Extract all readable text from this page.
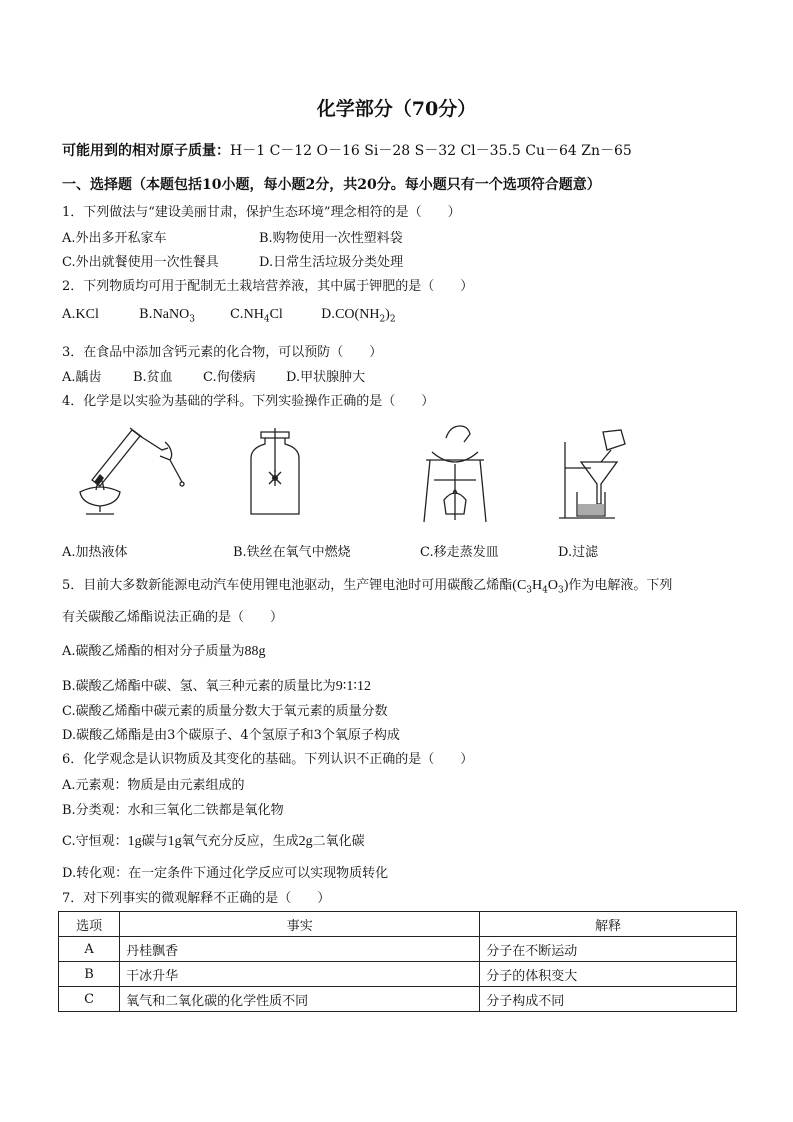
化学部分（70分）
可能用到的相对原子质量：H－1 C－12 O－16 Si－28 S－32 Cl－35.5 Cu－64 Zn－65
一、选择题（本题包括10小题，每小题2分，共20分。每小题只有一个选项符合题意）
1．下列做法与“建设美丽甘肃，保护生态环境”理念相符的是（　　）
A.外出多开私家车	B.购物使用一次性塑料袋
C.外出就餐使用一次性餐具	D.日常生活垃圾分类处理
2．下列物质均可用于配制无土栽培营养液，其中属于钾肥的是（　　）
A.KCl	B.NaNO$_3$	$C.NH_4Cl$	$D.CO(NH_2)_2$
3．在食品中添加含钙元素的化合物，可以预防（　　）
A.龋齿 B.贫血 C.佝偻病 D.甲状腺肿大
4．化学是以实验为基础的学科。下列实验操作正确的是（　　）
A.加热液体	B.铁丝在氧气中燃烧	C.移走蒸发皿	D.过滤
5．目前大多数新能源电动汽车使用锂电池驱动，生产锂电池时可用碳酸乙烯酯$(C_3H_4O_3)$作为电解液。下列
有关碳酸乙烯酯说法正确的是（　　）
A.碳酸乙烯酯的相对分子质量为88g
B.碳酸乙烯酯中碳、氢、氧三种元素的质量比为9∶1∶12
C.碳酸乙烯酯中碳元素的质量分数大于氧元素的质量分数
D.碳酸乙烯酯是由3个碳原子、4个氢原子和3个氧原子构成
6．化学观念是认识物质及其变化的基础。下列认识不正确的是（　　）
A.元素观：物质是由元素组成的
B.分类观：水和三氧化二铁都是氧化物
C.守恒观：1g碳与1g氧气充分反应，生成2g二氧化碳
D.转化观：在一定条件下通过化学反应可以实现物质转化
7．对下列事实的微观解释不正确的是（　　）
选项	事实	解释
A	丹桂飘香	分子在不断运动
B	干冰升华	分子的体积变大
C	氧气和二氧化碳的化学性质不同	分子构成不同
